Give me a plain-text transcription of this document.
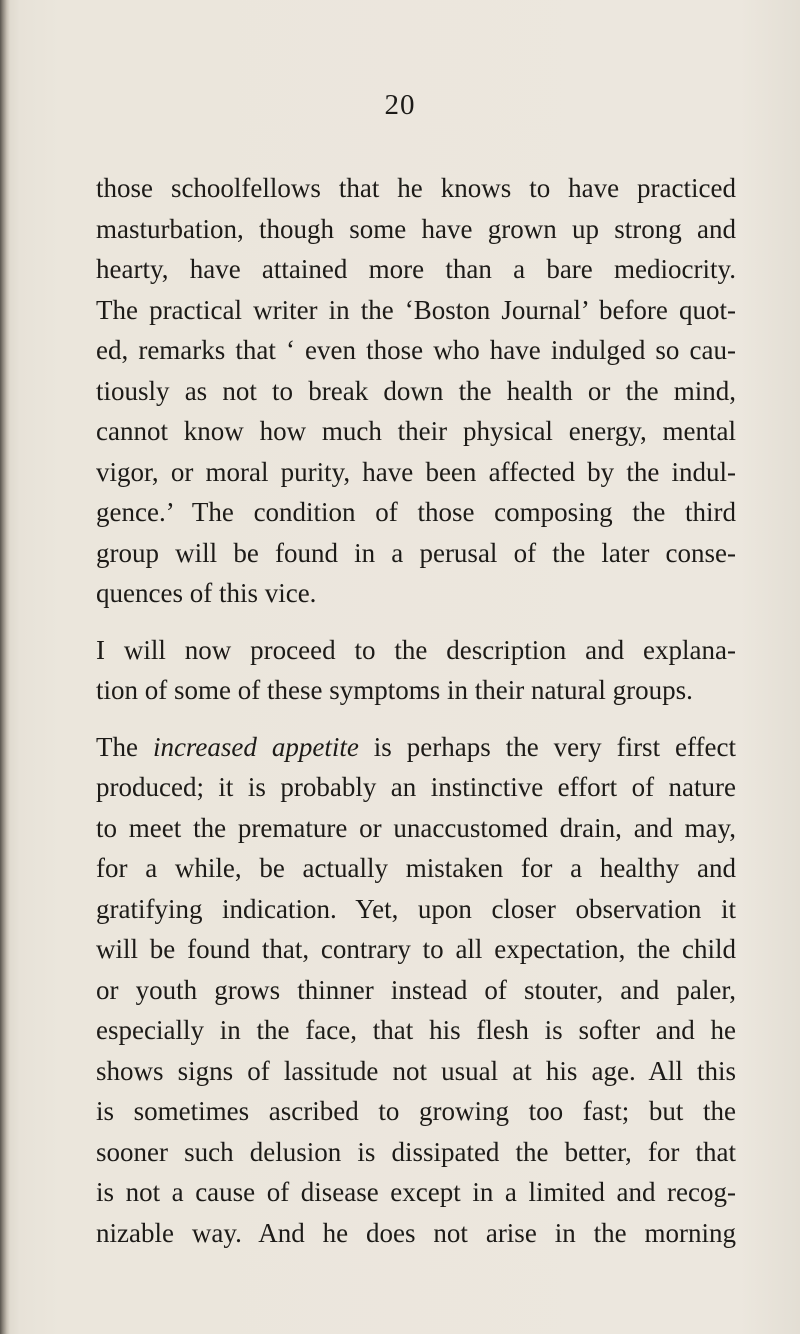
20
those schoolfellows that he knows to have practiced
masturbation, though some have grown up strong and
hearty, have attained more than a bare mediocrity.
The practical writer in the ‘Boston Journal’ before quot-
ed, remarks that ‘ even those who have indulged so cau-
tiously as not to break down the health or the mind,
cannot know how much their physical energy, mental
vigor, or moral purity, have been affected by the indul-
gence.’ The condition of those composing the third
group will be found in a perusal of the later conse-
quences of this vice.
I will now proceed to the description and explana-
tion of some of these symptoms in their natural groups.
The increased appetite is perhaps the very first effect
produced; it is probably an instinctive effort of nature
to meet the premature or unaccustomed drain, and may,
for a while, be actually mistaken for a healthy and
gratifying indication. Yet, upon closer observation it
will be found that, contrary to all expectation, the child
or youth grows thinner instead of stouter, and paler,
especially in the face, that his flesh is softer and he
shows signs of lassitude not usual at his age. All this
is sometimes ascribed to growing too fast; but the
sooner such delusion is dissipated the better, for that
is not a cause of disease except in a limited and recog-
nizable way. And he does not arise in the morning
